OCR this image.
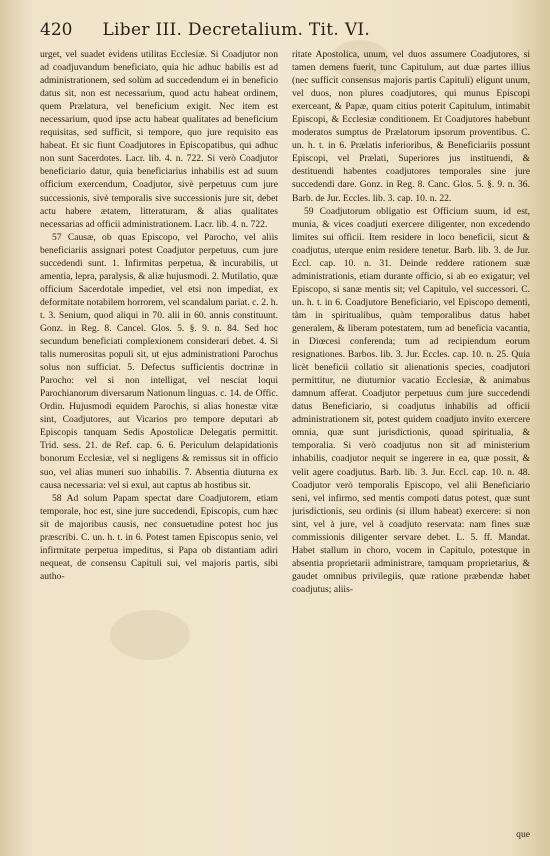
420 Liber III. Decretalium. Tit. VI.

urget, vel suadet evidens utilitas Ecclesiæ. Si Coadjutor non ad coadjuvandum beneficiato, quia hic adhuc habilis est ad administrationem, sed solùm ad succedendum ei in beneficio datus sit, non est necessarium, quod actu habeat ordinem, quem Prælatura, vel beneficium exigit. Nec item est necessarium, quod ipse actu habeat qualitates ad beneficium requisitas, sed sufficit, si tempore, quo jure requisito eas habeat. Et sic fiunt Coadjutores in Episcopatibus, qui adhuc non sunt Sacerdotes. Lacr. lib. 4. n. 722. Si verò Coadjutor beneficiario datur, quia beneficiarius inhabilis est ad suum officium exercendum, Coadjutor, sivè perpetuus cum jure successionis, sivè temporalis sive successionis jure sit, debet actu habere ætatem, litteraturam, & alias qualitates necessarias ad officii administrationem. Lacr. lib. 4. n. 722.

57 Causæ, ob quas Episcopo, vel Parocho, vel aliis beneficiariis assignari potest Coadjutor perpetuus, cum jure succedendi sunt. 1. Infirmitas perpetua, & incurabilis, ut amentia, lepra, paralysis, & aliæ hujusmodi. 2. Mutilatio, quæ officium Sacerdotale impediet, vel etsi non impediat, ex deformitate notabilem horrorem, vel scandalum pariat. c. 2. h. t. 3. Senium, quod aliqui in 70. alii in 60. annis constituunt. Gonz. in Reg. 8. Cancel. Glos. 5. §. 9. n. 84. Sed hoc secundum beneficiati complexionem considerari debet. 4. Si talis numerositas populi sit, ut ejus administrationi Parochus solus non sufficiat. 5. Defectus sufficientis doctrinæ in Parocho: vel si non intelligat, vel nesciat loqui Parochianorum diversarum Nationum linguas. c. 14. de Offic. Ordin. Hujusmodi equidem Parochis, si alias honestæ vitæ sint, Coadjutores, aut Vicarios pro tempore deputari ab Episcopis tanquam Sedis Apostolicæ Delegatis permittit. Trid. sess. 21. de Ref. cap. 6. 6. Periculum delapidationis bonorum Ecclesiæ, vel si negligens & remissus sit in officio suo, vel alias muneri suo inhabilis. 7. Absentia diuturna ex causa necessaria: vel si exul, aut captus ab hostibus sit.

58 Ad solum Papam spectat dare Coadjutorem, etiam temporale, hoc est, sine jure succedendi, Episcopis, cum hæc sit de majoribus causis, nec consuetudine potest hoc jus præscribi. C. un. h. t. in 6. Potest tamen Episcopus senio, vel infirmitate perpetua impeditus, si Papa ob distantiam adiri nequeat, de consensu Capituli sui, vel majoris partis, sibi autho-

ritate Apostolica, unum, vel duos assumere Coadjutores, si tamen demens fuerit, tunc Capitulum, aut duæ partes illius (nec sufficit consensus majoris partis Capituli) eligunt unum, vel duos, non plures coadjutores, qui munus Episcopi exerceant, & Papæ, quam citius poterit Capitulum, intimabit Episcopi, & Ecclesiæ conditionem. Et Coadjutores habebunt moderatos sumptus de Prælatorum ipsorum proventibus. C. un. h. t. in 6. Prælatis inferioribus, & Beneficiariis possunt Episcopi, vel Prælati, Superiores jus instituendi, & destituendi habentes coadjutores temporales sine jure succedendi dare. Gonz. in Reg. 8. Canc. Glos. 5. §. 9. n. 36. Barb. de Jur. Eccles. lib. 3. cap. 10. n. 22.

59 Coadjutorum obligatio est Officium suum, id est, munia, & vices coadjuti exercere diligenter, non excedendo limites sui officii. Item residere in loco beneficii, sicut & coadjutus, uterque enim residere tenetur. Barb. lib. 3. de Jur. Eccl. cap. 10. n. 31. Deinde reddere rationem suæ administrationis, etiam durante officio, si ab eo exigatur; vel Episcopo, si sanæ mentis sit; vel Capitulo, vel successori. C. un. h. t. in 6. Coadjutore Beneficiario, vel Episcopo dementi, tàm in spiritualibus, quàm temporalibus datus habet generalem, & liberam potestatem, tum ad beneficia vacantia, in Diœcesi conferenda; tum ad recipiendum eorum resignationes. Barbos. lib. 3. Jur. Eccles. cap. 10. n. 25. Quia licèt beneficii collatio sit alienationis species, coadjutori permittitur, ne diuturnior vacatio Ecclesiæ, & animabus damnum afferat. Coadjutor perpetuus cum jure succedendi datus Beneficiario, si coadjutus inhabilis ad officii administrationem sit, potest quidem coadjuto invito exercere omnia, quæ sunt jurisdictionis, quoad spiritualia, & temporalia. Si verò coadjutus non sit ad ministerium inhabilis, coadjutor nequit se ingerere in ea, quæ possit, & velit agere coadjutus. Barb. lib. 3. Jur. Eccl. cap. 10. n. 48. Coadjutor verò temporalis Episcopo, vel alii Beneficiario seni, vel infirmo, sed mentis compoti datus potest, quæ sunt jurisdictionis, seu ordinis (si illum habeat) exercere: si non sint, vel à jure, vel à coadjuto reservata: nam fines suæ commissionis diligenter servare debet. L. 5. ff. Mandat. Habet stallum in choro, vocem in Capitulo, potestque in absentia proprietarii administrare, tamquam proprietarius, & gaudet omnibus privilegiis, quæ ratione præbendæ habet coadjutus; aliis-

que
